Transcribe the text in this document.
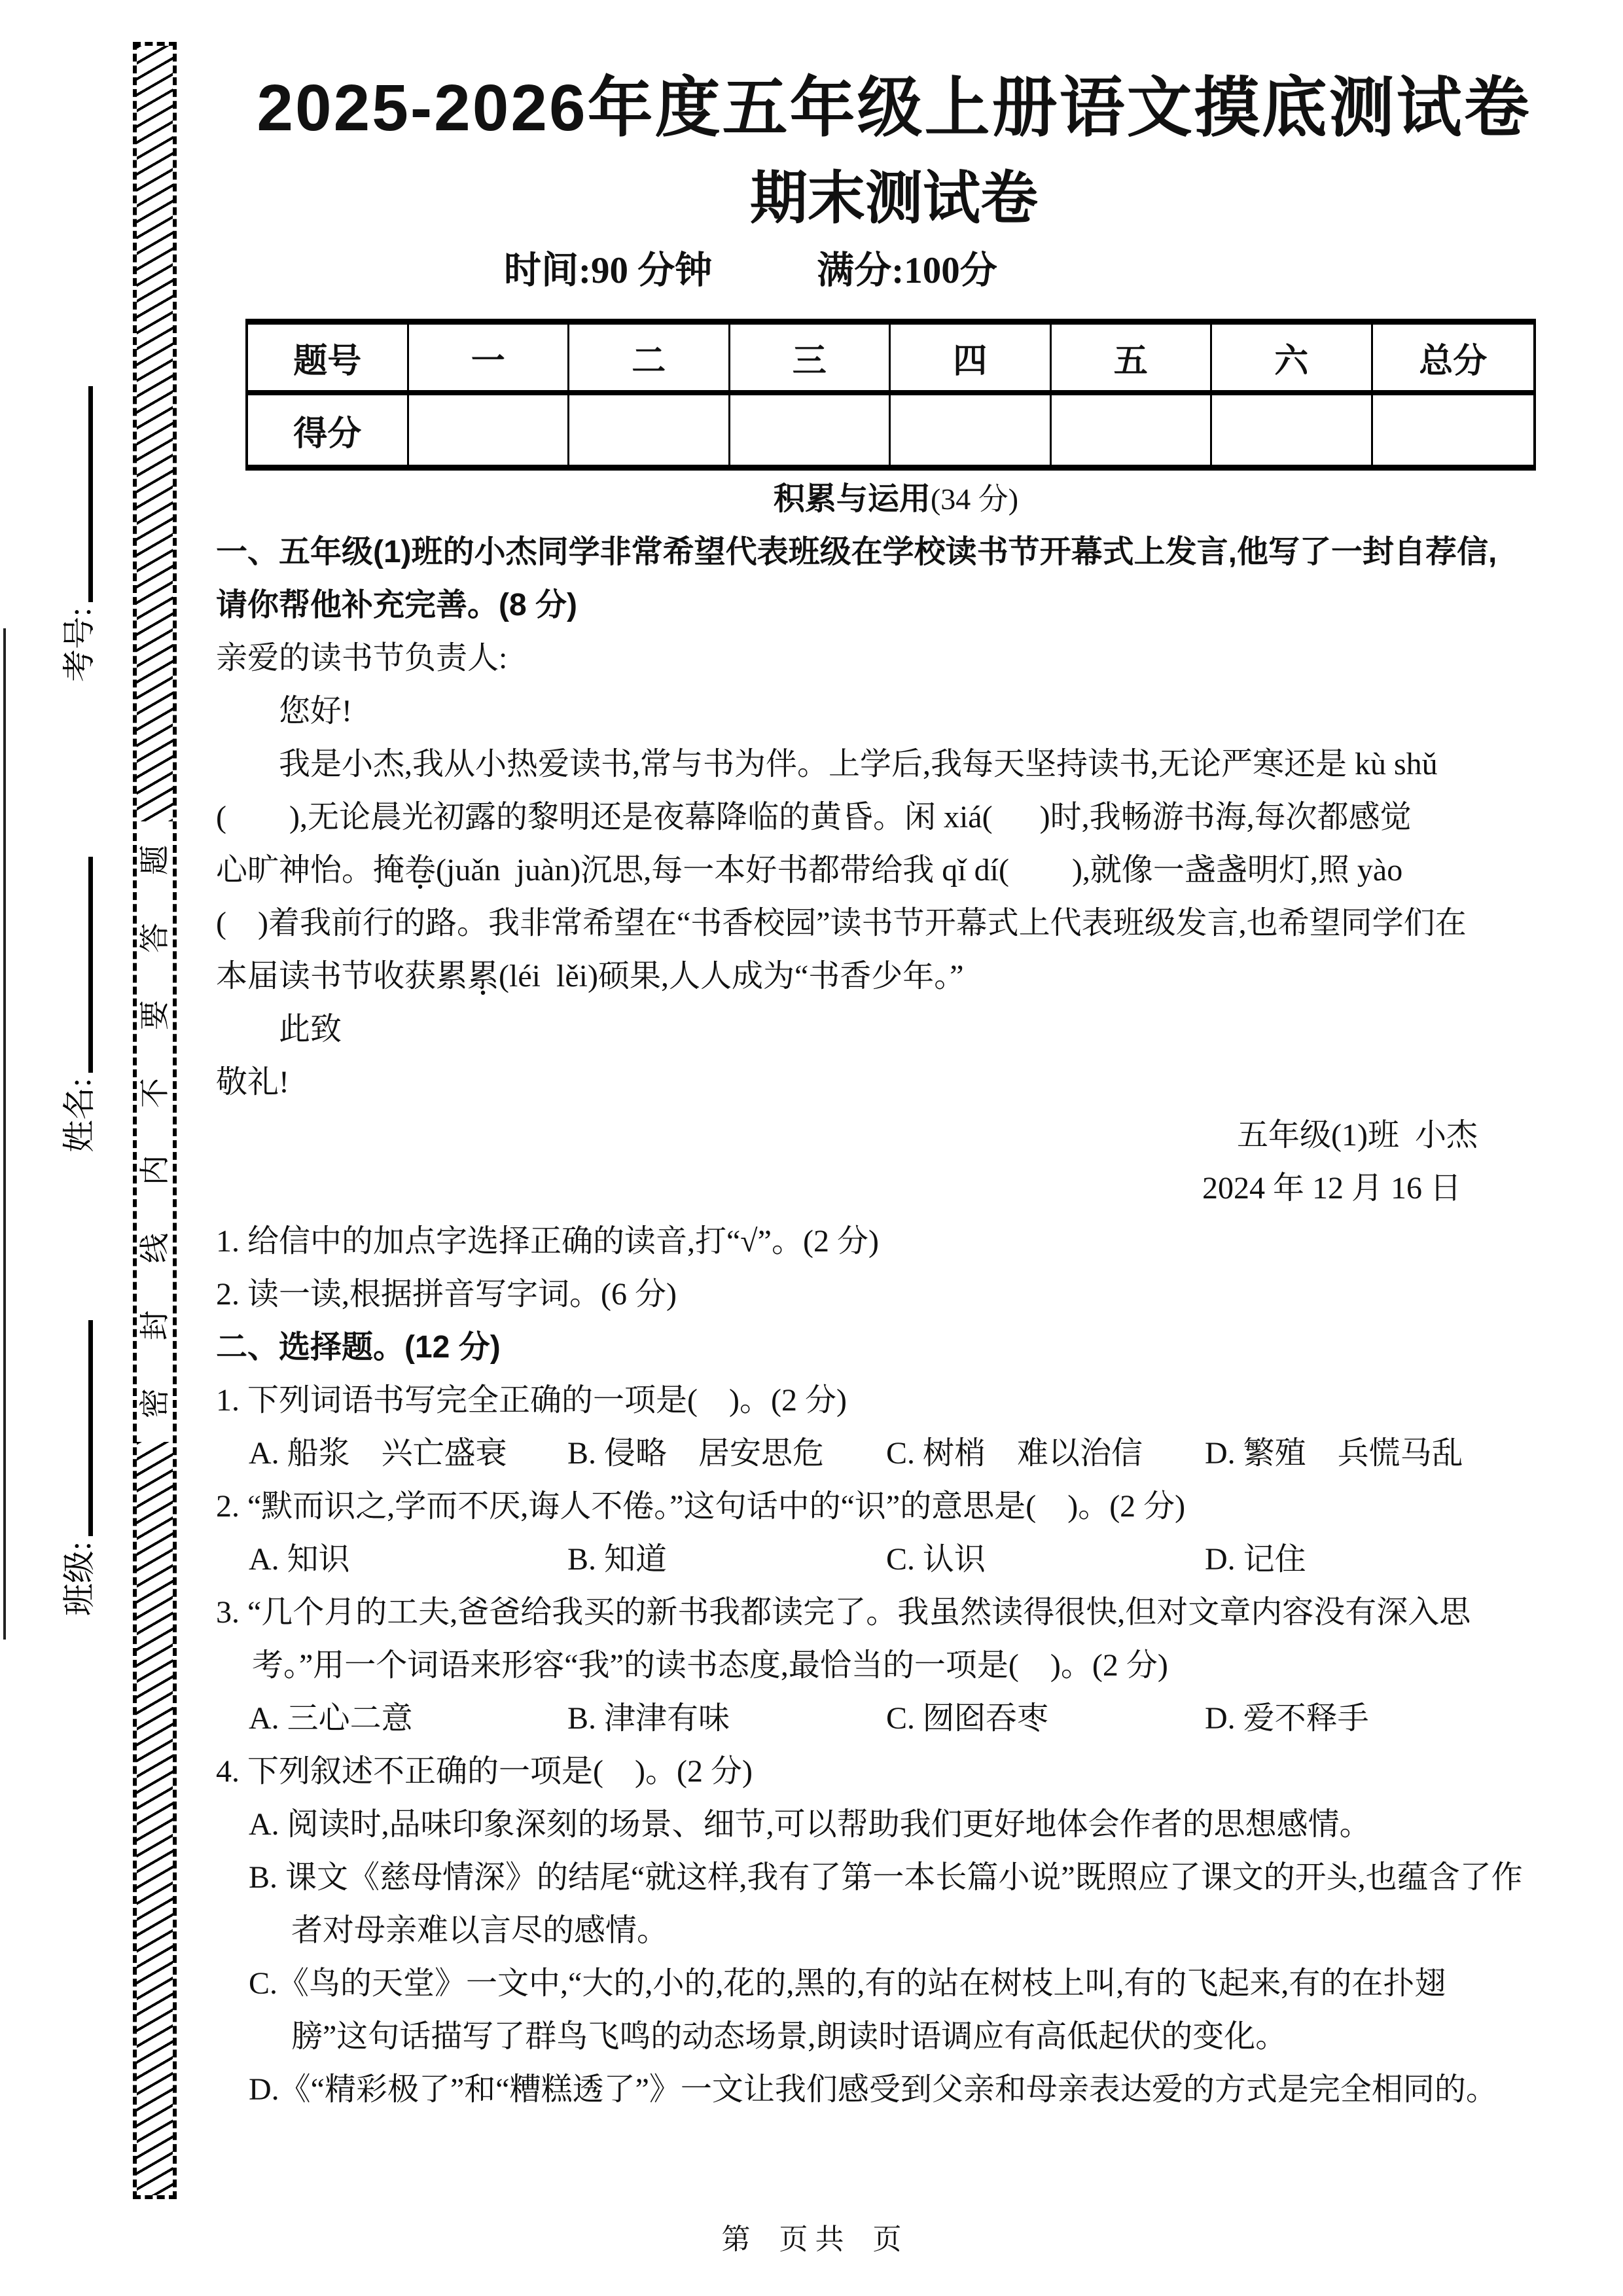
考号:
姓名:
班级:
题
答
要
不
内
线
封
密
2025-2026年度五年级上册语文摸底测试卷
期末测试卷
时间:90 分钟	满分:100分
题号	一	二	三	四	五	六	总分
得分
积累与运用(34 分)
一、五年级(1)班的小杰同学非常希望代表班级在学校读书节开幕式上发言,他写了一封自荐信,
请你帮他补充完善。(8 分)
亲爱的读书节负责人:
您好!
我是小杰,我从小热爱读书,常与书为伴。上学后,我每天坚持读书,无论严寒还是 kù shǔ
(        ),无论晨光初露的黎明还是夜幕降临的黄昏。闲 xiá(      )时,我畅游书海,每次都感觉
心旷神怡。掩卷(juǎn  juàn)沉思,每一本好书都带给我 qǐ dí(        ),就像一盏盏明灯,照 yào
(    )着我前行的路。我非常希望在“书香校园”读书节开幕式上代表班级发言,也希望同学们在
本届读书节收获累累(léi  lěi)硕果,人人成为“书香少年。”
此致
敬礼!
五年级(1)班  小杰
2024 年 12 月 16 日
1. 给信中的加点字选择正确的读音,打“√”。(2 分)
2. 读一读,根据拼音写字词。(6 分)
二、选择题。(12 分)
1. 下列词语书写完全正确的一项是(    )。(2 分)
A. 船浆　兴亡盛衰 B. 侵略　居安思危 C. 树梢　难以治信 D. 繁殖　兵慌马乱
2. “默而识之,学而不厌,诲人不倦。”这句话中的“识”的意思是(    )。(2 分)
A. 知识	B. 知道	C. 认识	D. 记住
3. “几个月的工夫,爸爸给我买的新书我都读完了。我虽然读得很快,但对文章内容没有深入思
考。”用一个词语来形容“我”的读书态度,最恰当的一项是(    )。(2 分)
A. 三心二意	B. 津津有味	C. 囫囵吞枣	D. 爱不释手
4. 下列叙述不正确的一项是(    )。(2 分)
A. 阅读时,品味印象深刻的场景、细节,可以帮助我们更好地体会作者的思想感情。
B. 课文《慈母情深》的结尾“就这样,我有了第一本长篇小说”既照应了课文的开头,也蕴含了作
者对母亲难以言尽的感情。
C.《鸟的天堂》一文中,“大的,小的,花的,黑的,有的站在树枝上叫,有的飞起来,有的在扑翅
膀”这句话描写了群鸟飞鸣的动态场景,朗读时语调应有高低起伏的变化。
D.《“精彩极了”和“糟糕透了”》一文让我们感受到父亲和母亲表达爱的方式是完全相同的。
第　页 共　页
